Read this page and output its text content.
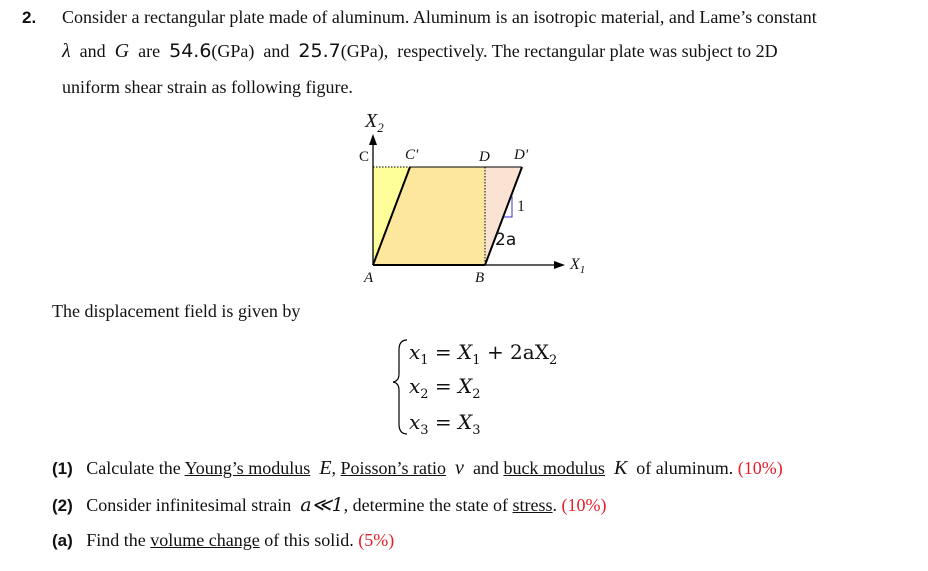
2. Consider a rectangular plate made of aluminum. Aluminum is an isotropic material, and Lame’s constant
λ and G are 54.6(GPa) and 25.7(GPa), respectively. The rectangular plate was subject to 2D
uniform shear strain as following figure.
$X_2$
C C'	D D'
A	B
$X_1$
1
2a
The displacement field is given by
$x_1 = X_1 + 2aX_2$
$x_2 = X_2$
$x_3 = X_3$
(1) Calculate the Young’s modulus E, Poisson’s ratio ν and buck modulus K of aluminum. (10%)
(2) Consider infinitesimal strain a≪1, determine the state of stress. (10%)
(a) Find the volume change of this solid. (5%)
